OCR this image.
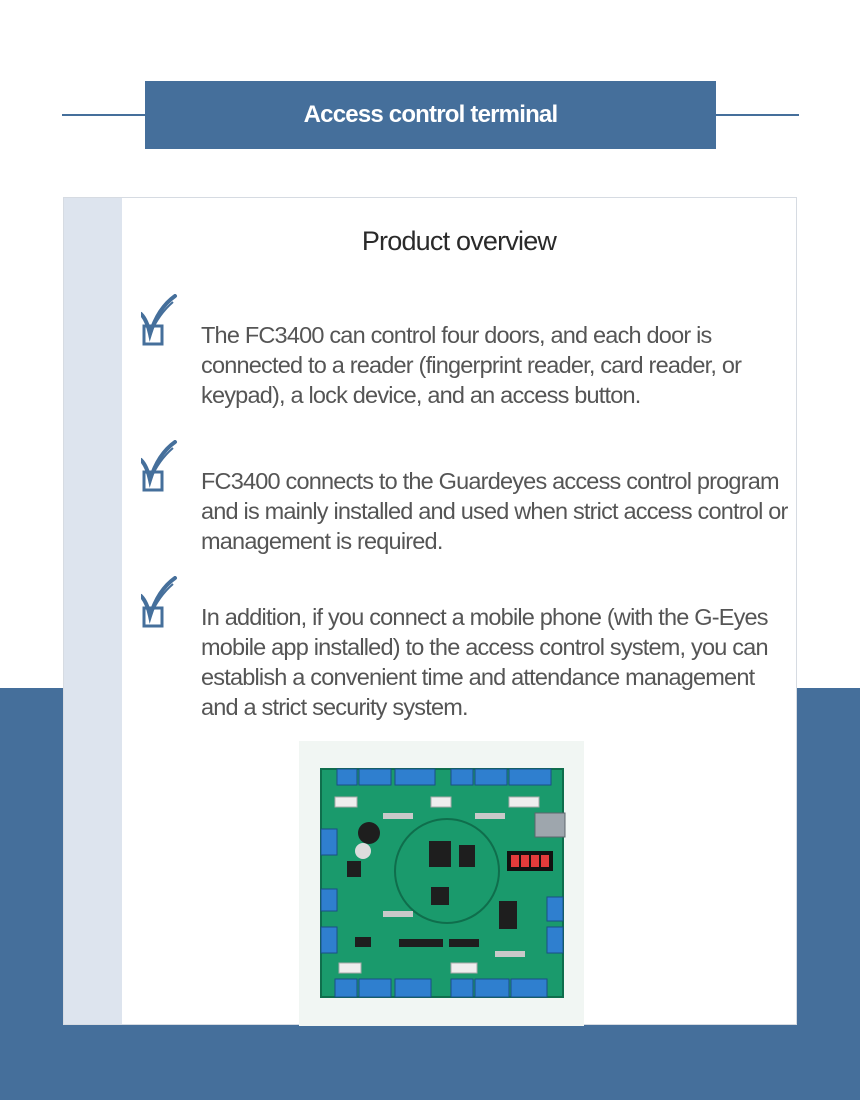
Access control terminal
Product overview
The FC3400 can control four doors, and each door is connected to a reader (fingerprint reader, card reader, or keypad), a lock device, and an access button.
FC3400 connects to the Guardeyes access control program and is mainly installed and used when strict access control or management is required.
In addition, if you connect a mobile phone (with the G-Eyes mobile app installed) to the access control system, you can establish a convenient time and attendance management and a strict security system.
